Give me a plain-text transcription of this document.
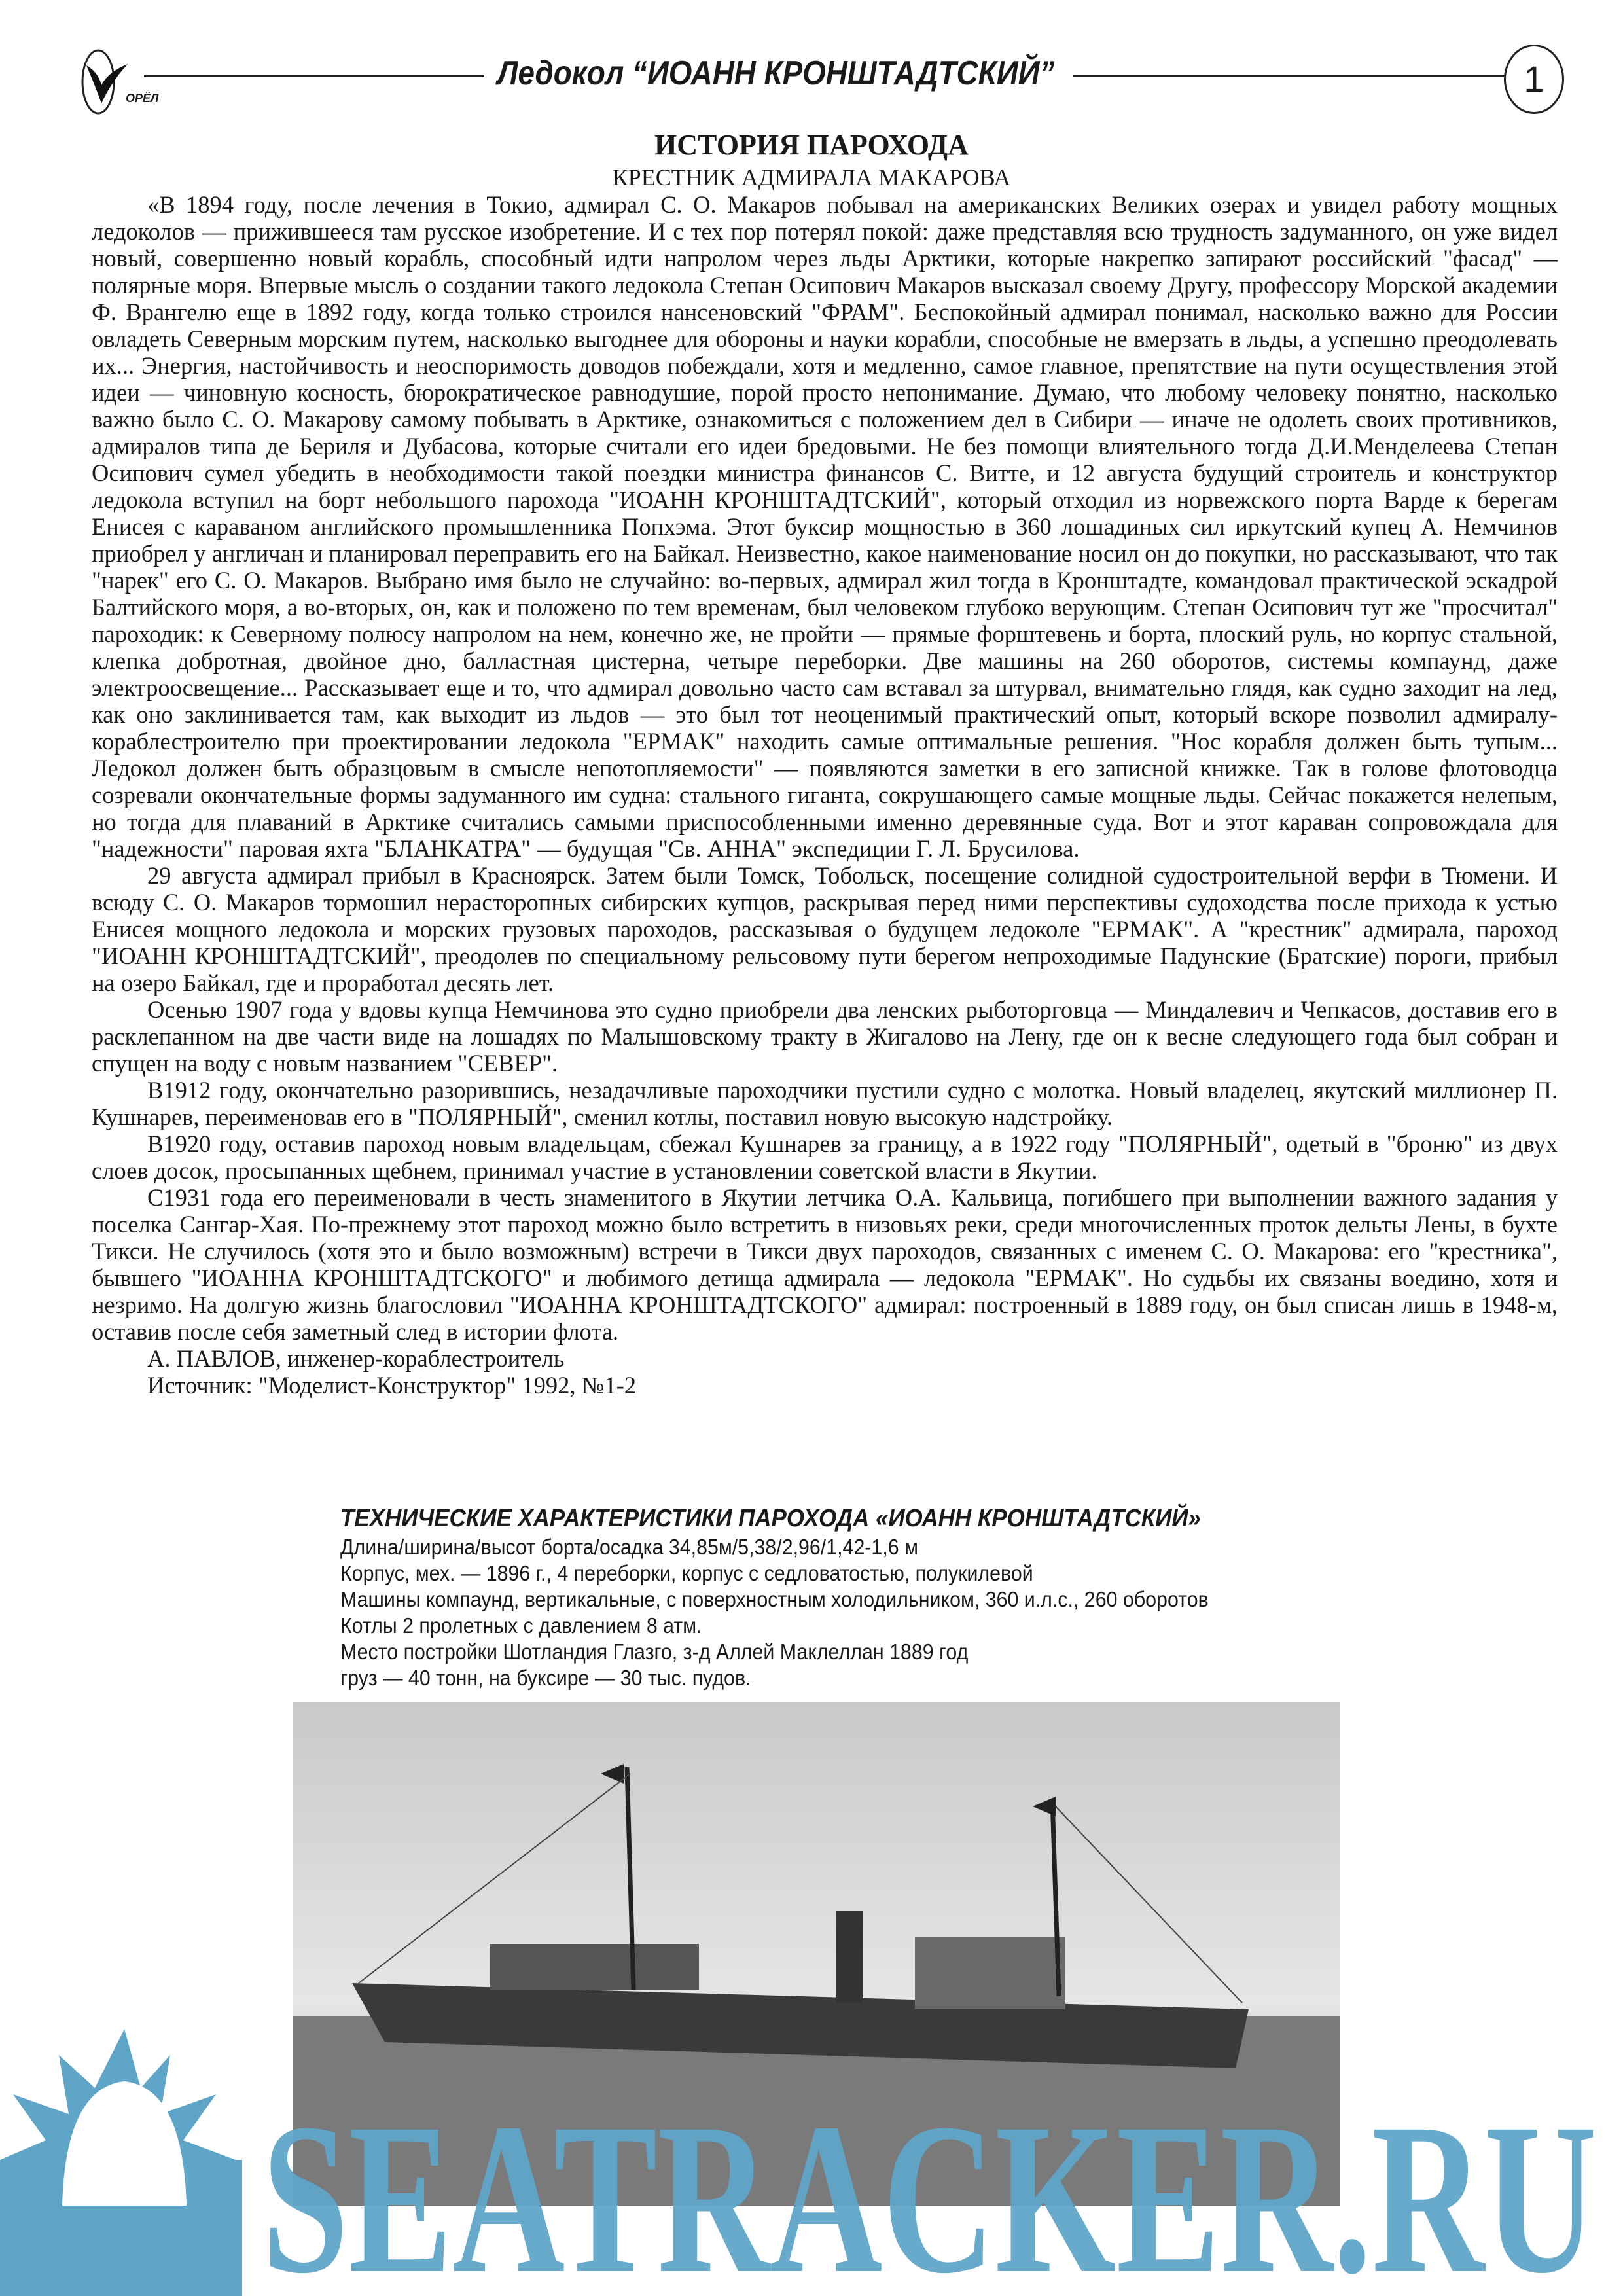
ОРЁЛ
Ледокол “ИОАНН КРОНШТАДТСКИЙ”	1
ИСТОРИЯ ПАРОХОДА
КРЕСТНИК АДМИРАЛА МАКАРОВА

«В 1894 году, после лечения в Токио, адмирал С. О. Макаров побывал на американских Великих озерах и увидел работу мощных ледоколов — прижившееся там русское изобретение. И с тех пор потерял покой: даже представляя всю трудность задуманного, он уже видел новый, совершенно новый корабль, способный идти напролом через льды Арктики, которые накрепко запирают российский "фасад" —полярные моря. Впервые мысль о создании такого ледокола Степан Осипович Макаров высказал своему Другу, профессору Морской академии Ф. Врангелю еще в 1892 году, когда только строился нансеновский "ФРАМ". Беспокойный адмирал понимал, насколько важно для России овладеть Северным морским путем, насколько выгоднее для обороны и науки корабли, способные не вмерзать в льды, а успешно преодолевать их... Энергия, настойчивость и неоспоримость доводов побеждали, хотя и медленно, самое главное, препятствие на пути осуществления этой идеи — чиновную косность, бюрократическое равнодушие, порой просто непонимание. Думаю, что любому человеку понятно, насколько важно было С. О. Макарову самому побывать в Арктике, ознакомиться с положением дел в Сибири — иначе не одолеть своих противников, адмиралов типа де Бериля и Дубасова, которые считали его идеи бредовыми. Не без помощи влиятельного тогда Д.И.Менделеева Степан Осипович сумел убедить в необходимости такой поездки министра финансов С. Витте, и 12 августа будущий строитель и конструктор ледокола вступил на борт небольшого парохода "ИОАНН КРОНШТАДТСКИЙ", который отходил из норвежского порта Варде к берегам Енисея с караваном английского промышленника Попхэма. Этот буксир мощностью в 360 лошадиных сил иркутский купец А. Немчинов приобрел у англичан и планировал переправить его на Байкал. Неизвестно, какое наименование носил он до покупки, но рассказывают, что так "нарек" его С. О. Макаров. Выбрано имя было не случайно: во-первых, адмирал жил тогда в Кронштадте, командовал практической эскадрой Балтийского моря, а во-вторых, он, как и положено по тем временам, был человеком глубоко верующим. Степан Осипович тут же "просчитал" пароходик: к Северному полюсу напролом на нем, конечно же, не пройти — прямые форштевень и борта, плоский руль, но корпус стальной, клепка добротная, двойное дно, балластная цистерна, четыре переборки. Две машины на 260 оборотов, системы компаунд, даже электроосвещение... Рассказывает еще и то, что адмирал довольно часто сам вставал за штурвал, внимательно глядя, как судно заходит на лед, как оно заклинивается там, как выходит из льдов — это был тот неоценимый практический опыт, который вскоре позволил адмиралу-кораблестроителю при проектировании ледокола "ЕРМАК" находить самые оптимальные решения. "Нос корабля должен быть тупым... Ледокол должен быть образцовым в смысле непотопляемости" — появляются заметки в его записной книжке. Так в голове флотоводца созревали окончательные формы задуманного им судна: стального гиганта, сокрушающего самые мощные льды. Сейчас покажется нелепым, но тогда для плаваний в Арктике считались самыми приспособленными именно деревянные суда. Вот и этот караван сопровождала для "надежности" паровая яхта "БЛАНКАТРА" — будущая "Св. АННА" экспедиции Г. Л. Брусилова.

29 августа адмирал прибыл в Красноярск. Затем были Томск, Тобольск, посещение солидной судостроительной верфи в Тюмени. И всюду С. О. Макаров тормошил нерасторопных сибирских купцов, раскрывая перед ними перспективы судоходства после прихода к устью Енисея мощного ледокола и морских грузовых пароходов, рассказывая о будущем ледоколе "ЕРМАК". А "крестник" адмирала, пароход "ИОАНН КРОНШТАДТСКИЙ", преодолев по специальному рельсовому пути берегом непроходимые Падунские (Братские) пороги, прибыл на озеро Байкал, где и проработал десять лет.

Осенью 1907 года у вдовы купца Немчинова это судно приобрели два ленских рыботорговца — Миндалевич и Чепкасов, доставив его в расклепанном на две части виде на лошадях по Малышовскому тракту в Жигалово на Лену, где он к весне следующего года был собран и спущен на воду с новым названием "СЕВЕР".

В1912 году, окончательно разорившись, незадачливые пароходчики пустили судно с молотка. Новый владелец, якутский миллионер П. Кушнарев, переименовав его в "ПОЛЯРНЫЙ", сменил котлы, поставил новую высокую надстройку.

В1920 году, оставив пароход новым владельцам, сбежал Кушнарев за границу, а в 1922 году "ПОЛЯРНЫЙ", одетый в "броню" из двух слоев досок, просыпанных щебнем, принимал участие в установлении советской власти в Якутии.

С1931 года его переименовали в честь знаменитого в Якутии летчика О.А. Кальвица, погибшего при выполнении важного задания у поселка Сангар-Хая. По-прежнему этот пароход можно было встретить в низовьях реки, среди многочисленных проток дельты Лены, в бухте Тикси. Не случилось (хотя это и было возможным) встречи в Тикси двух пароходов, связанных с именем С. О. Макарова: его "крестника", бывшего "ИОАННА КРОНШТАДТСКОГО" и любимого детища адмирала — ледокола "ЕРМАК". Но судьбы их связаны воедино, хотя и незримо. На долгую жизнь благословил "ИОАННА КРОНШТАДТСКОГО" адмирал: построенный в 1889 году, он был списан лишь в 1948-м, оставив после себя заметный след в истории флота.

А. ПАВЛОВ, инженер-кораблестроитель

Источник: "Моделист-Конструктор" 1992, №1-2

ТЕХНИЧЕСКИЕ ХАРАКТЕРИСТИКИ ПАРОХОДА «ИОАНН КРОНШТАДТСКИЙ»
Длина/ширина/высот борта/осадка 34,85м/5,38/2,96/1,42-1,6 м
Корпус, мех. — 1896 г., 4 переборки, корпус с седловатостью, полукилевой
Машины компаунд, вертикальные, с поверхностным холодильником, 360 и.л.с., 260 оборотов
Котлы 2 пролетных с давлением 8 атм.
Место постройки Шотландия Глазго, з-д Аллей Маклеллан 1889 год
груз — 40 тонн, на буксире — 30 тыс. пудов.
SEATRACKER.RU
